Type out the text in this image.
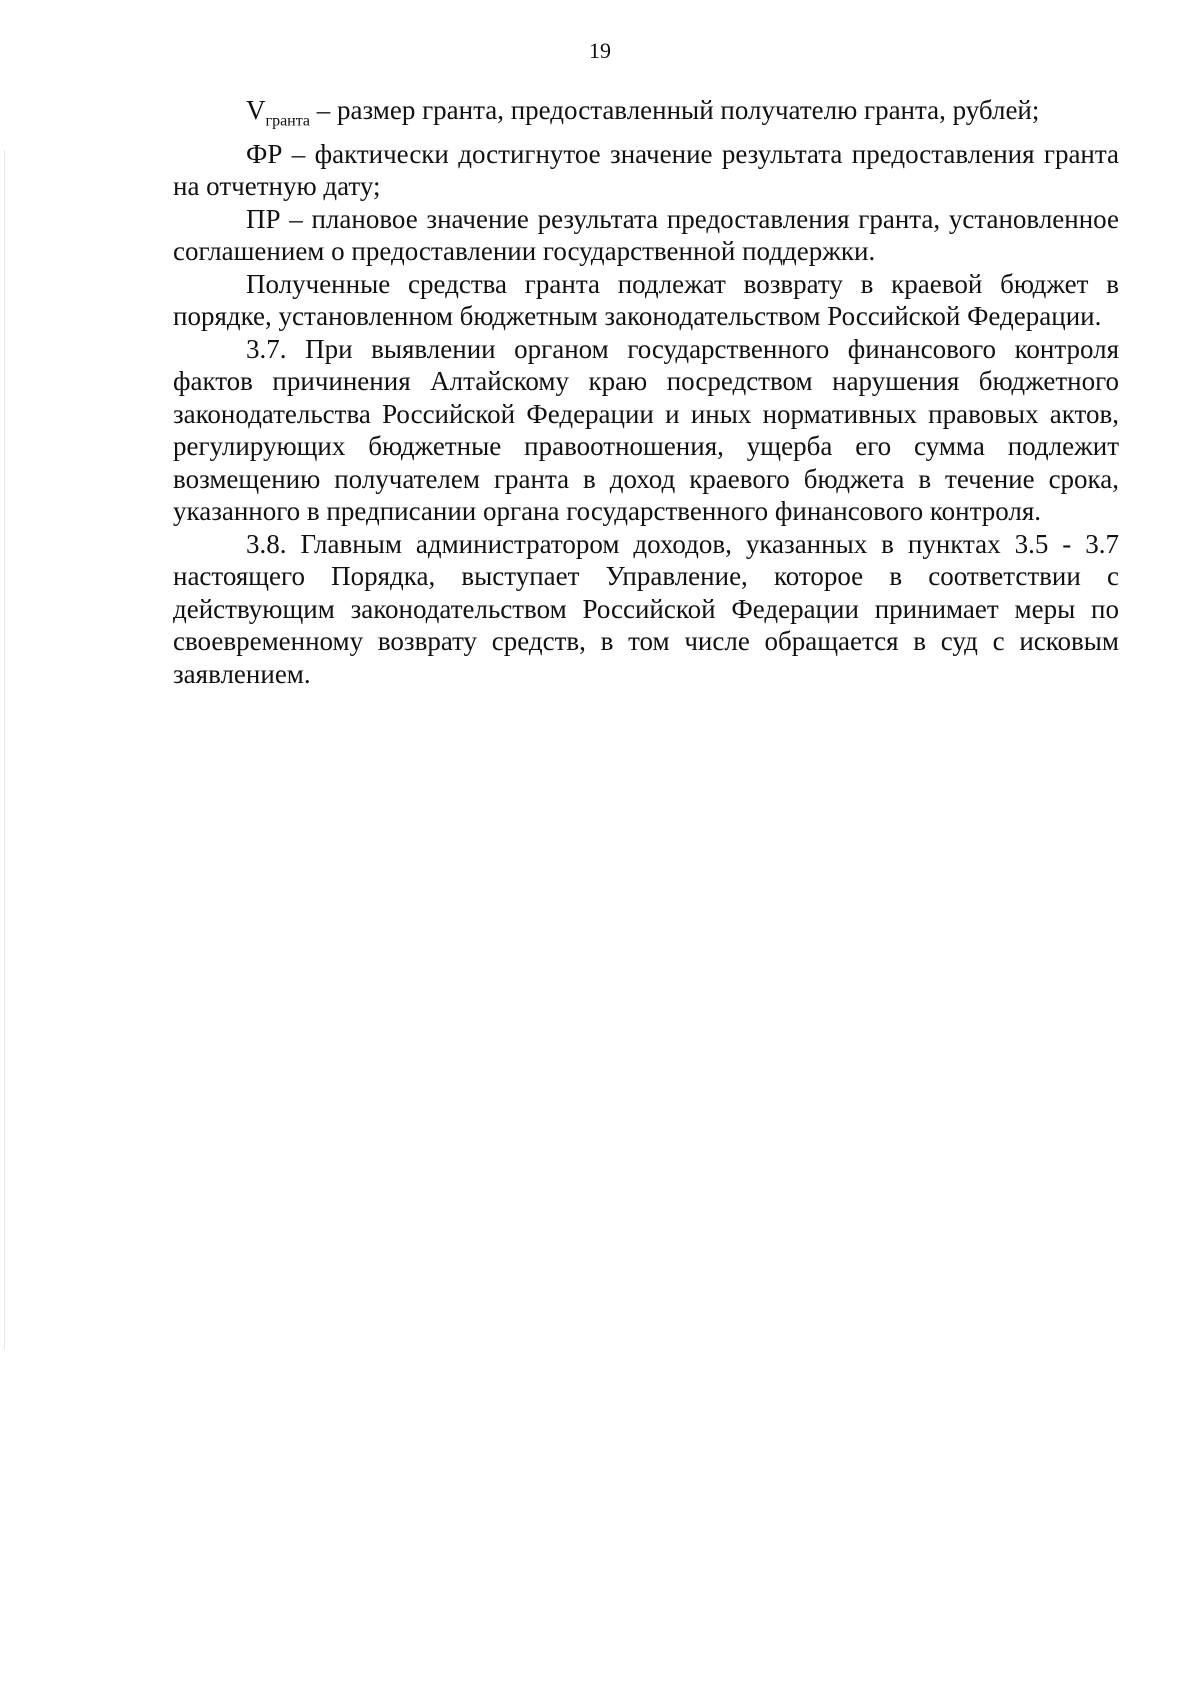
19

$V_{гранта}$ – размер гранта, предоставленный получателю гранта, рублей;

ФР – фактически достигнутое значение результата предоставления гранта на отчетную дату;

ПР – плановое значение результата предоставления гранта, установленное соглашением о предоставлении государственной поддержки.

Полученные средства гранта подлежат возврату в краевой бюджет в порядке, установленном бюджетным законодательством Российской Федерации.

3.7. При выявлении органом государственного финансового контроля фактов причинения Алтайскому краю посредством нарушения бюджетного законодательства Российской Федерации и иных нормативных правовых актов, регулирующих бюджетные правоотношения, ущерба его сумма подлежит возмещению получателем гранта в доход краевого бюджета в течение срока, указанного в предписании органа государственного финансового контроля.

3.8. Главным администратором доходов, указанных в пунктах 3.5 - 3.7 настоящего Порядка, выступает Управление, которое в соответствии с действующим законодательством Российской Федерации принимает меры по своевременному возврату средств, в том числе обращается в суд с исковым заявлением.
